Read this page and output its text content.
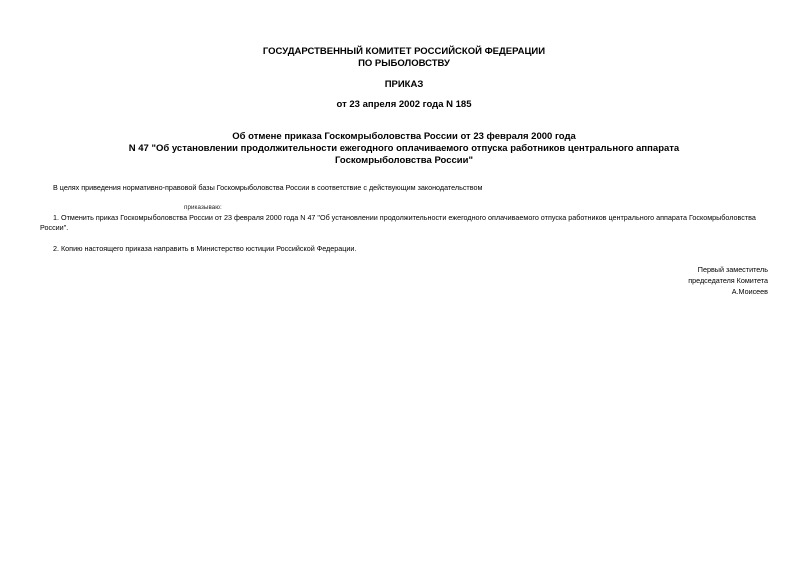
ГОСУДАРСТВЕННЫЙ КОМИТЕТ РОССИЙСКОЙ ФЕДЕРАЦИИ
ПО РЫБОЛОВСТВУ
ПРИКАЗ
от 23 апреля 2002 года N 185
Об отмене приказа Госкомрыболовства России от 23 февраля 2000 года
N 47 "Об установлении продолжительности ежегодного оплачиваемого отпуска работников центрального аппарата
Госкомрыболовства России"
В целях приведения нормативно-правовой базы Госкомрыболовства России в соответствие с действующим законодательством
приказываю:
1. Отменить приказ Госкомрыболовства России от 23 февраля 2000 года N 47 "Об установлении продолжительности ежегодного оплачиваемого отпуска работников центрального аппарата Госкомрыболовства России".
2. Копию настоящего приказа направить в Министерство юстиции Российской Федерации.
Первый заместитель
председателя Комитета
А.Моисеев
